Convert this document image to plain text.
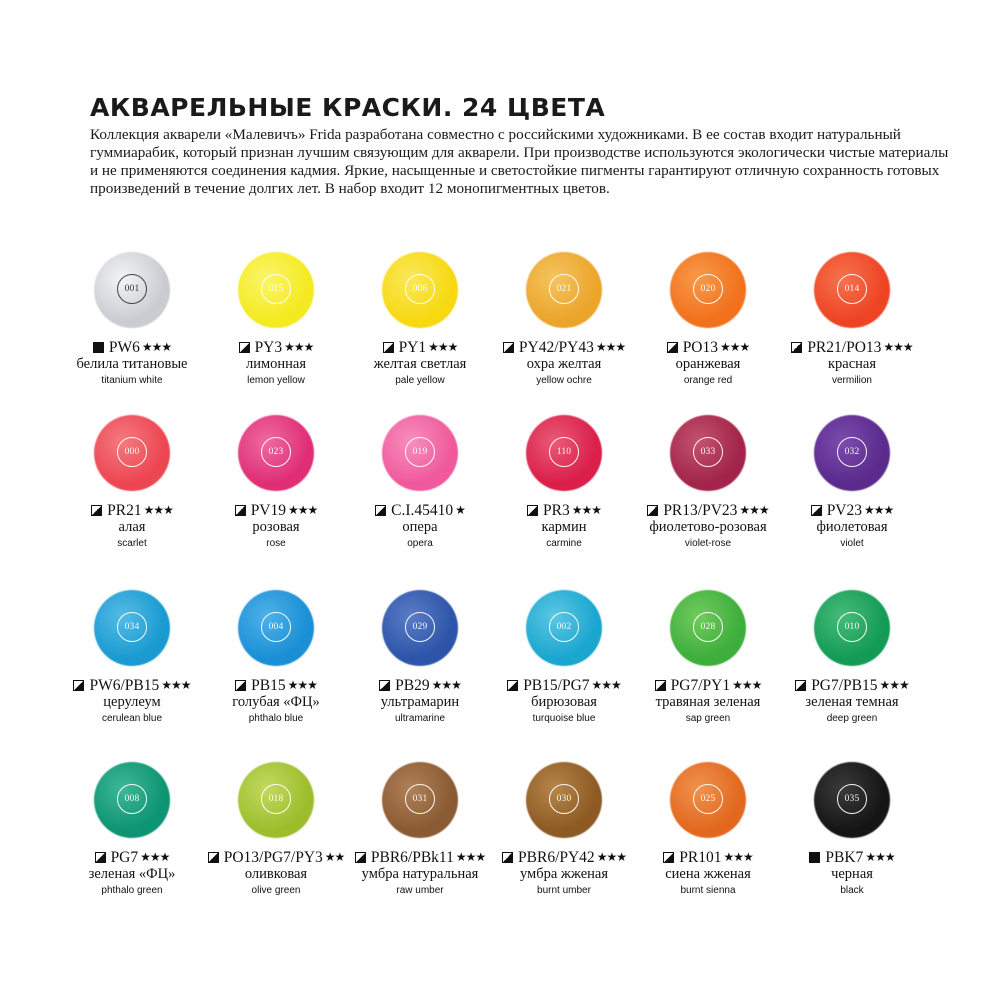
АКВАРЕЛЬНЫЕ КРАСКИ. 24 ЦВЕТА
Коллекция акварели «Малевичъ» Frida разработана совместно с российскими художниками. В ее состав входит натуральный
гуммиарабик, который признан лучшим связующим для акварели. При производстве используются экологически чистые материалы
и не применяются соединения кадмия. Яркие, насыщенные и светостойкие пигменты гарантируют отличную сохранность готовых
произведений в течение долгих лет. В набор входит 12 монопигментных цветов.
001
PW6 ★★★
белила титановые
titanium white
015
PY3 ★★★
лимонная
lemon yellow
006
PY1 ★★★
желтая светлая
pale yellow
021
PY42/PY43 ★★★
охра желтая
yellow ochre
020
PO13 ★★★
оранжевая
orange red
014
PR21/PO13 ★★★
красная
vermilion
000
PR21 ★★★
алая
scarlet
023
PV19 ★★★
розовая
rose
019
C.I.45410 ★
опера
opera
110
PR3 ★★★
кармин
carmine
033
PR13/PV23 ★★★
фиолетово-розовая
violet-rose
032
PV23 ★★★
фиолетовая
violet
034
PW6/PB15 ★★★
церулеум
cerulean blue
004
PB15 ★★★
голубая «ФЦ»
phthalo blue
029
PB29 ★★★
ультрамарин
ultramarine
002
PB15/PG7 ★★★
бирюзовая
turquoise blue
028
PG7/PY1 ★★★
травяная зеленая
sap green
010
PG7/PB15 ★★★
зеленая темная
deep green
008
PG7 ★★★
зеленая «ФЦ»
phthalo green
018
PO13/PG7/PY3 ★★
оливковая
olive green
031
PBR6/PBk11 ★★★
умбра натуральная
raw umber
030
PBR6/PY42 ★★★
умбра жженая
burnt umber
025
PR101 ★★★
сиена жженая
burnt sienna
035
PBK7 ★★★
черная
black
